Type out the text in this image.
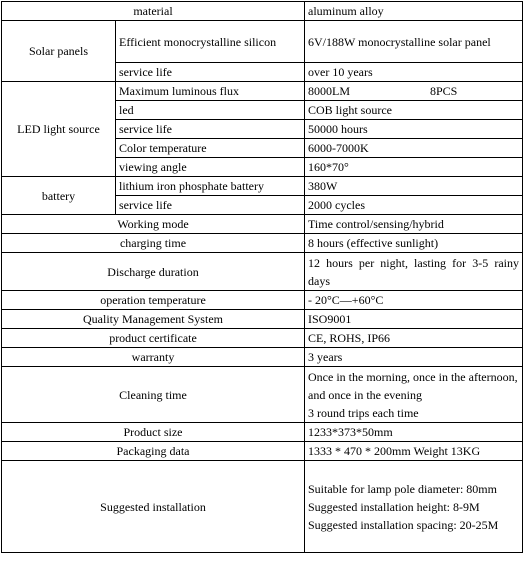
material		aluminum alloy
Solar panels	Efficient monocrystalline silicon	6V/188W monocrystalline solar panel
	service life	over 10 years
LED light source	Maximum luminous flux	8000LM 8PCS
	led	COB light source
	service life	50000 hours
	Color temperature	6000-7000K
	viewing angle	160*70°
battery	lithium iron phosphate battery	380W
	service life	2000 cycles
Working mode		Time control/sensing/hybrid
charging time		8 hours (effective sunlight)
Discharge duration		12 hours per night, lasting for 3-5 rainy days
operation temperature		- 20°C—+60°C
Quality Management System		ISO9001
product certificate		CE, ROHS, IP66
warranty		3 years
Cleaning time		Once in the morning, once in the afternoon, and once in the evening
3 round trips each time

Product size		1233*373*50mm
Packaging data		1333 * 470 * 200mm Weight 13KG
Suggested installation		Suitable for lamp pole diameter: 80mm
Suggested installation height: 8-9M
Suggested installation spacing: 20-25M
